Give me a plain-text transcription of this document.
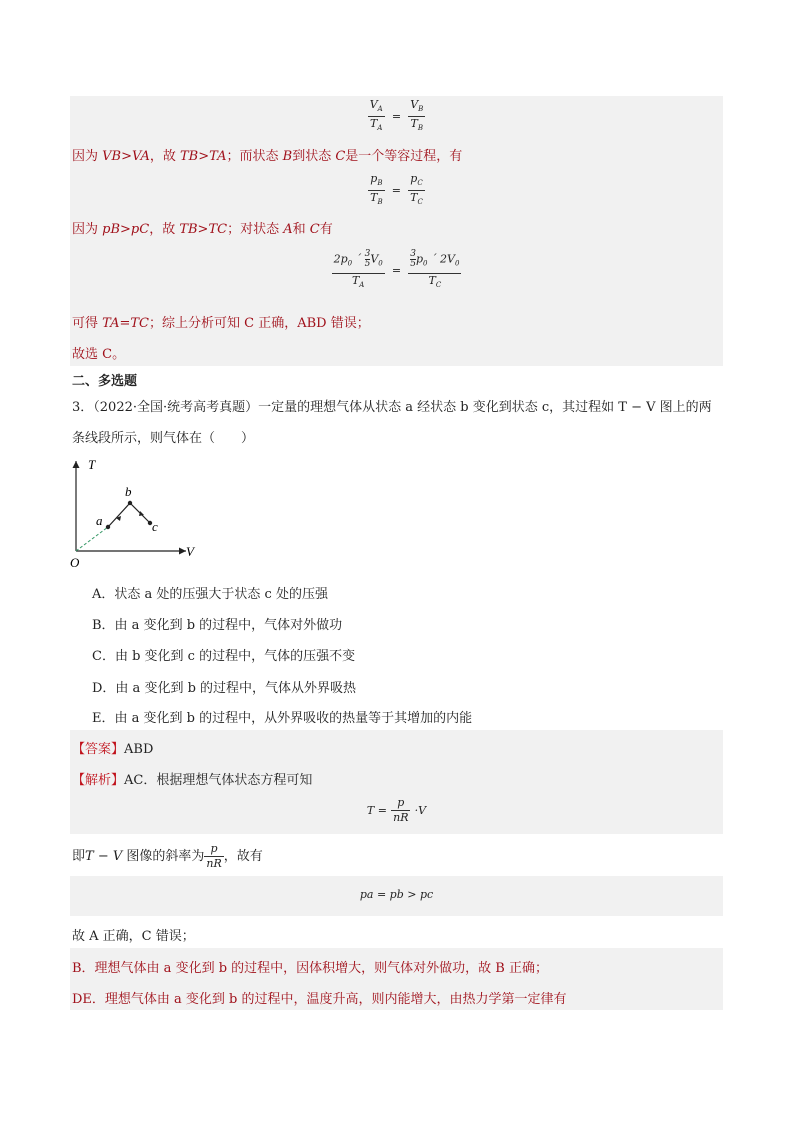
$\frac{V_A}{T_A} = \frac{V_B}{T_B}$
因为 VB>VA，故 TB>TA；而状态 B到状态 C是一个等容过程，有
$\frac{p_B}{T_B} = \frac{p_C}{T_C}$
因为 pB>pC，故 TB>TC；对状态 A和 C有
$\frac{2p_0 ´ \frac{3}{5} V_0}{T_A} = \frac{\frac{3}{5} p_0 ´ 2V_0}{T_C}$
可得 TA=TC；综上分析可知 C 正确，ABD 错误；
故选 C。
二、多选题
3．（2022·全国·统考高考真题）一定量的理想气体从状态 a 经状态 b 变化到状态 c，其过程如 T − V 图上的两
条线段所示，则气体在（　　）
T
V
O
a
b
c
A．状态 a 处的压强大于状态 c 处的压强
B．由 a 变化到 b 的过程中，气体对外做功
C．由 b 变化到 c 的过程中，气体的压强不变
D．由 a 变化到 b 的过程中，气体从外界吸热
E．由 a 变化到 b 的过程中，从外界吸收的热量等于其增加的内能
【答案】ABD
【解析】AC．根据理想气体状态方程可知
$T = \frac{p}{nR} \cdot V$
即T − V 图像的斜率为 $\frac{p}{nR}$ ，故有
pa = pb > pc
故 A 正确，C 错误；
B．理想气体由 a 变化到 b 的过程中，因体积增大，则气体对外做功，故 B 正确；
DE．理想气体由 a 变化到 b 的过程中，温度升高，则内能增大，由热力学第一定律有
